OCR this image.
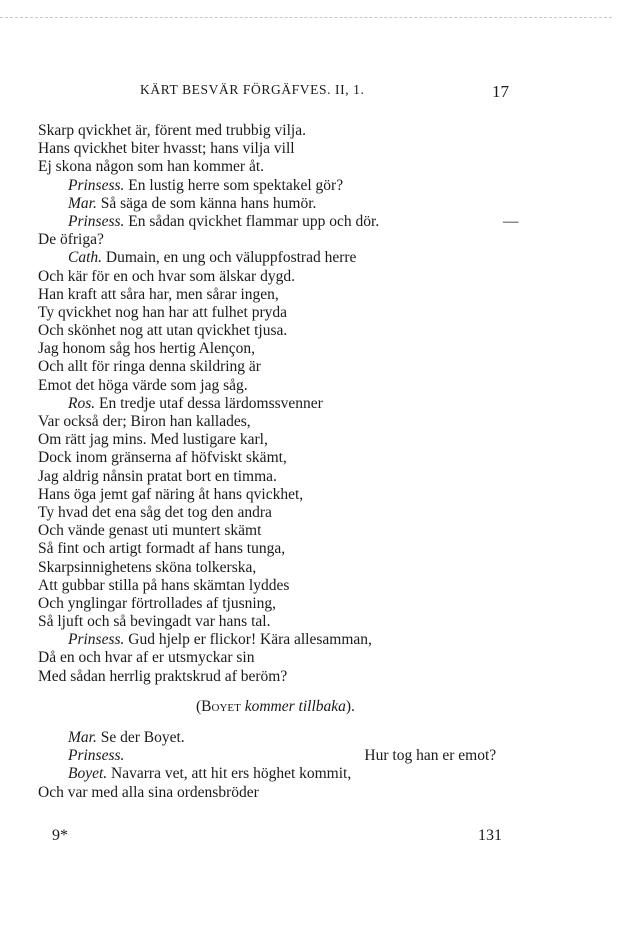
KÄRT BESVÄR FÖRGÄFVES. II, 1.	17
Skarp qvickhet är, förent med trubbig vilja.
Hans qvickhet biter hvasst; hans vilja vill
Ej skona någon som han kommer åt.
Prinsess. En lustig herre som spektakel gör?
Mar. Så säga de som känna hans humör.
Prinsess. En sådan qvickhet flammar upp och dör.	—
De öfriga?
Cath. Dumain, en ung och väluppfostrad herre
Och kär för en och hvar som älskar dygd.
Han kraft att såra har, men sårar ingen,
Ty qvickhet nog han har att fulhet pryda
Och skönhet nog att utan qvickhet tjusa.
Jag honom såg hos hertig Alençon,
Och allt för ringa denna skildring är
Emot det höga värde som jag såg.
Ros. En tredje utaf dessa lärdomssvenner
Var också der; Biron han kallades,
Om rätt jag mins. Med lustigare karl,
Dock inom gränserna af höfviskt skämt,
Jag aldrig nånsin pratat bort en timma.
Hans öga jemt gaf näring åt hans qvickhet,
Ty hvad det ena såg det tog den andra
Och vände genast uti muntert skämt
Så fint och artigt formadt af hans tunga,
Skarpsinnighetens sköna tolkerska,
Att gubbar stilla på hans skämtan lyddes
Och ynglingar förtrollades af tjusning,
Så ljuft och så bevingadt var hans tal.
Prinsess. Gud hjelp er flickor! Kära allesamman,
Då en och hvar af er utsmyckar sin
Med sådan herrlig praktskrud af beröm?
(Boyet kommer tillbaka).
Mar. Se der Boyet.
Prinsess.	Hur tog han er emot?
Boyet. Navarra vet, att hit ers höghet kommit,
Och var med alla sina ordensbröder
9*	131
